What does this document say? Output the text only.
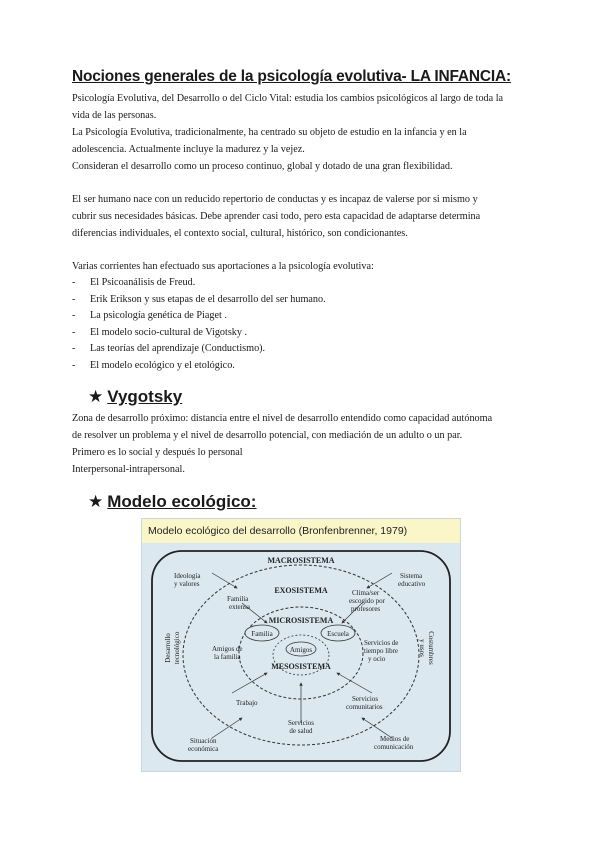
Nociones generales de la psicología evolutiva- LA INFANCIA:

Psicología Evolutiva, del Desarrollo o del Ciclo Vital: estudia los cambios psicológicos al largo de toda la

vida de las personas.

La Psicología Evolutiva, tradicionalmente, ha centrado su objeto de estudio en la infancia y en la

adolescencia. Actualmente incluye la madurez y la vejez.

Consideran el desarrollo como un proceso continuo, global y dotado de una gran flexibilidad.

El ser humano nace con un reducido repertorio de conductas y es incapaz de valerse por si mismo y

cubrir sus necesidades básicas. Debe aprender casi todo, pero esta capacidad de adaptarse determina

diferencias individuales, el contexto social, cultural, histórico, son condicionantes.

Varias corrientes han efectuado sus aportaciones a la psicología evolutiva:

- El Psicoanálisis de Freud.
- Erik Erikson y sus etapas de el desarrollo del ser humano.
- La psicología genética de Piaget .
- El modelo socio-cultural de Vigotsky .
- Las teorías del aprendizaje (Conductismo).
- El modelo ecológico y el etológico.
★ Vygotsky

Zona de desarrollo próximo: distancia entre el nivel de desarrollo entendido como capacidad autónoma

de resolver un problema y el nivel de desarrollo potencial, con mediación de un adulto o un par.

Primero es lo social y después lo personal

Interpersonal-intrapersonal.

★ Modelo ecológico:
Modelo ecológico del desarrollo (Bronfenbrenner, 1979)
MACROSISTEMA
EXOSISTEMA
MICROSISTEMA
MESOSISTEMA
Familia	Escuela
Amigos
Ideología
y valores
Sistema
educativo
Familia
extensa
Clima/ser
escogido por
profesores
Amigos de
la familia
Servicios de
tiempo libre
y ocio
Desarrollo tecnológico	Costumbres
y usos
Trabajo	Servicios
comunitarios
Servicios
de salud
Situación
económica
Medios de
comunicación
